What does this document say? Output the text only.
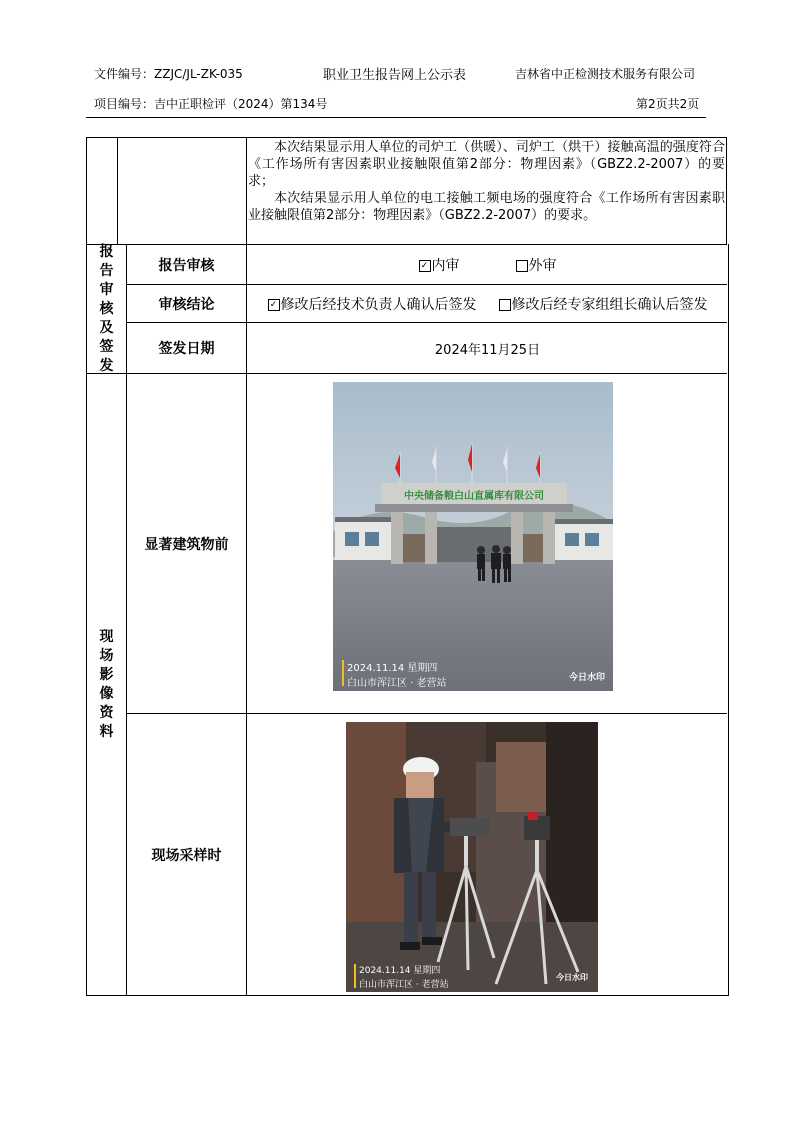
文件编号：ZZJC/JL-ZK-035	职业卫生报告网上公示表	吉林省中正检测技术服务有限公司
项目编号：吉中正职检评（2024）第134号	第2页共2页

本次结果显示用人单位的司炉工（供暖）、司炉工（烘干）接触高温的强度符合《工作场所有害因素职业接触限值第2部分：物理因素》（GBZ2.2-2007）的要求；

本次结果显示用人单位的电工接触工频电场的强度符合《工作场所有害因素职业接触限值第2部分：物理因素》（GBZ2.2-2007）的要求。

报
告
审
核
及
签
发
报告审核	✓ 内审	外审
审核结论	✓ 修改后经技术负责人确认后签发	修改后经专家组组长确认后签发
签发日期	2024年11月25日
现
场
影
像
资
料
显著建筑物前
现场采样时
中央储备粮白山直属库有限公司
2024.11.14 星期四
白山市浑江区 · 老营站	今日水印
2024.11.14 星期四
白山市浑江区 · 老营站
今日水印
